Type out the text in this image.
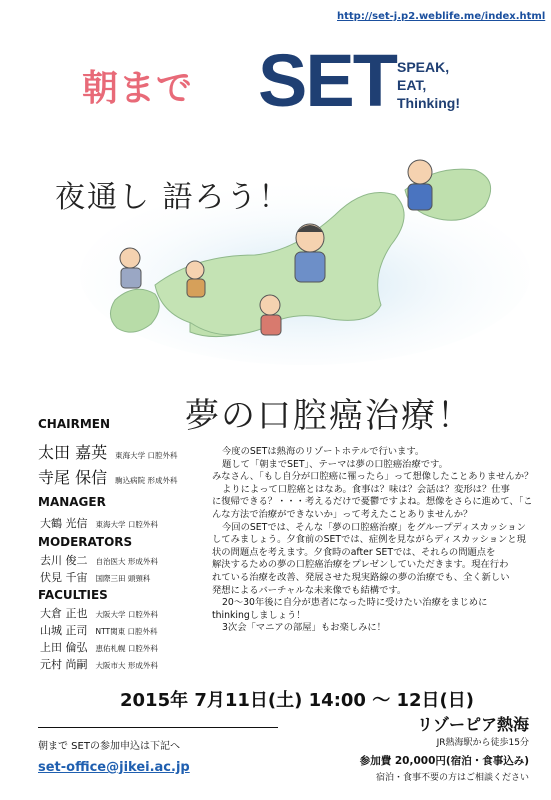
http://set-j.p2.weblife.me/index.html
朝まで SET SPEAK,
EAT,
Thinking!
夜通し 語ろう！
夢の口腔癌治療！
CHAIRMEN
太田 嘉英 東海大学 口腔外科
寺尾 保信 駒込病院 形成外科
MANAGER
大鶴 光信 東海大学 口腔外科
MODERATORS
去川 俊二 自治医大 形成外科
伏見 千宙 国際三田 頭頸科
FACULTIES
大倉 正也 大阪大学 口腔外科
山城 正司 NTT関東 口腔外科
上田 倫弘 恵佑札幌 口腔外科
元村 尚嗣 大阪市大 形成外科

今度のSETは熱海のリゾートホテルで行います。

題して「朝までSET」、テーマは夢の口腔癌治療です。

みなさん、「もし自分が口腔癌に罹ったら」って想像したことありませんか？

よりによって口腔癌とはなあ。食事は？味は？会話は？変形は？仕事

に復帰できる？・・・考えるだけで憂鬱ですよね。想像をさらに進めて、「こ

んな方法で治療ができないか」って考えたことありませんか？

今回のSETでは、そんな「夢の口腔癌治療」をグループディスカッション

してみましょう。夕食前のSETでは、症例を見ながらディスカッションと現

状の問題点を考えます。夕食時のafter SETでは、それらの問題点を

解決するための夢の口腔癌治療をプレゼンしていただきます。現在行わ

れている治療を改善、発展させた現実路線の夢の治療でも、全く新しい

発想によるバーチャルな未来像でも結構です。

20～30年後に自分が患者になった時に受けたい治療をまじめに

thinkingしましょう！

3次会「マニアの部屋」もお楽しみに！

2015年 7月11日(土) 14:00 ～ 12日(日)
朝まで SETの参加申込は下記へ
set-office@jikei.ac.jp
リゾーピア熱海
JR熱海駅から徒歩15分
参加費 20,000円(宿泊・食事込み)
宿泊・食事不要の方はご相談ください
